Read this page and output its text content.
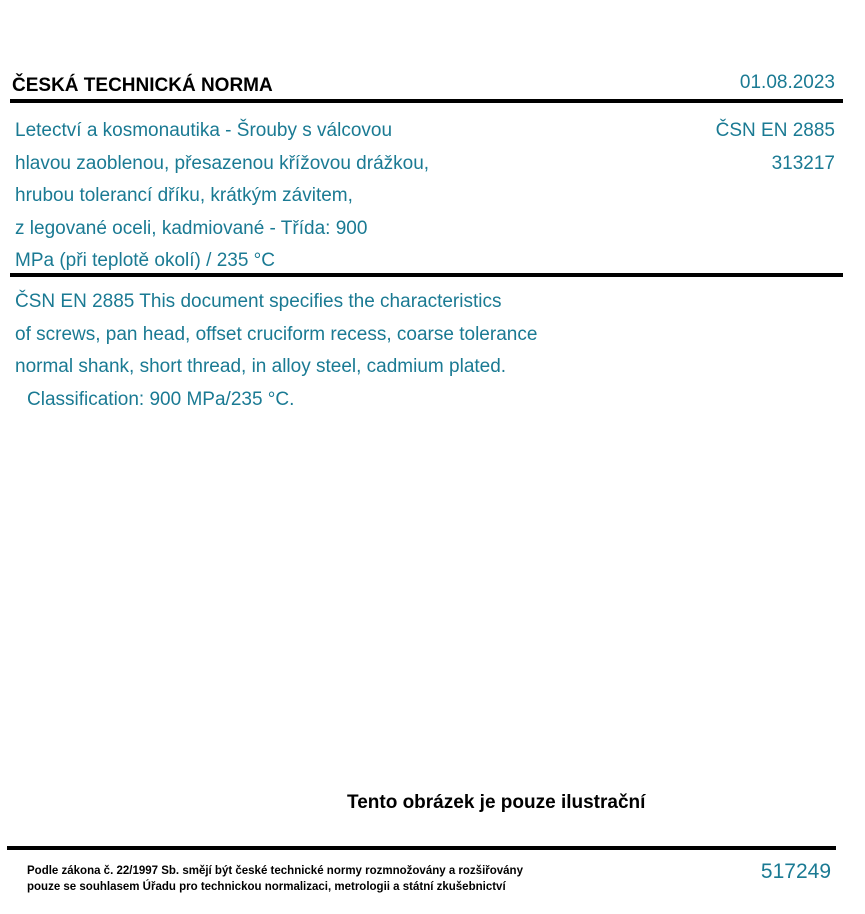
ČESKÁ TECHNICKÁ NORMA	01.08.2023
Letectví a kosmonautika - Šrouby s válcovou
hlavou zaoblenou, přesazenou křížovou drážkou,
hrubou tolerancí dříku, krátkým závitem,
z legované oceli, kadmiované - Třída: 900
MPa (při teplotě okolí) / 235 °C
ČSN EN 2885
313217
ČSN EN 2885 This document specifies the characteristics
of screws, pan head, offset cruciform recess, coarse tolerance
normal shank, short thread, in alloy steel, cadmium plated.
Classification: 900 MPa/235 °C.
Tento obrázek je pouze ilustrační
Podle zákona č. 22/1997 Sb. smějí být české technické normy rozmnožovány a rozšiřovány
pouze se souhlasem Úřadu pro technickou normalizaci, metrologii a státní zkušebnictví
517249
